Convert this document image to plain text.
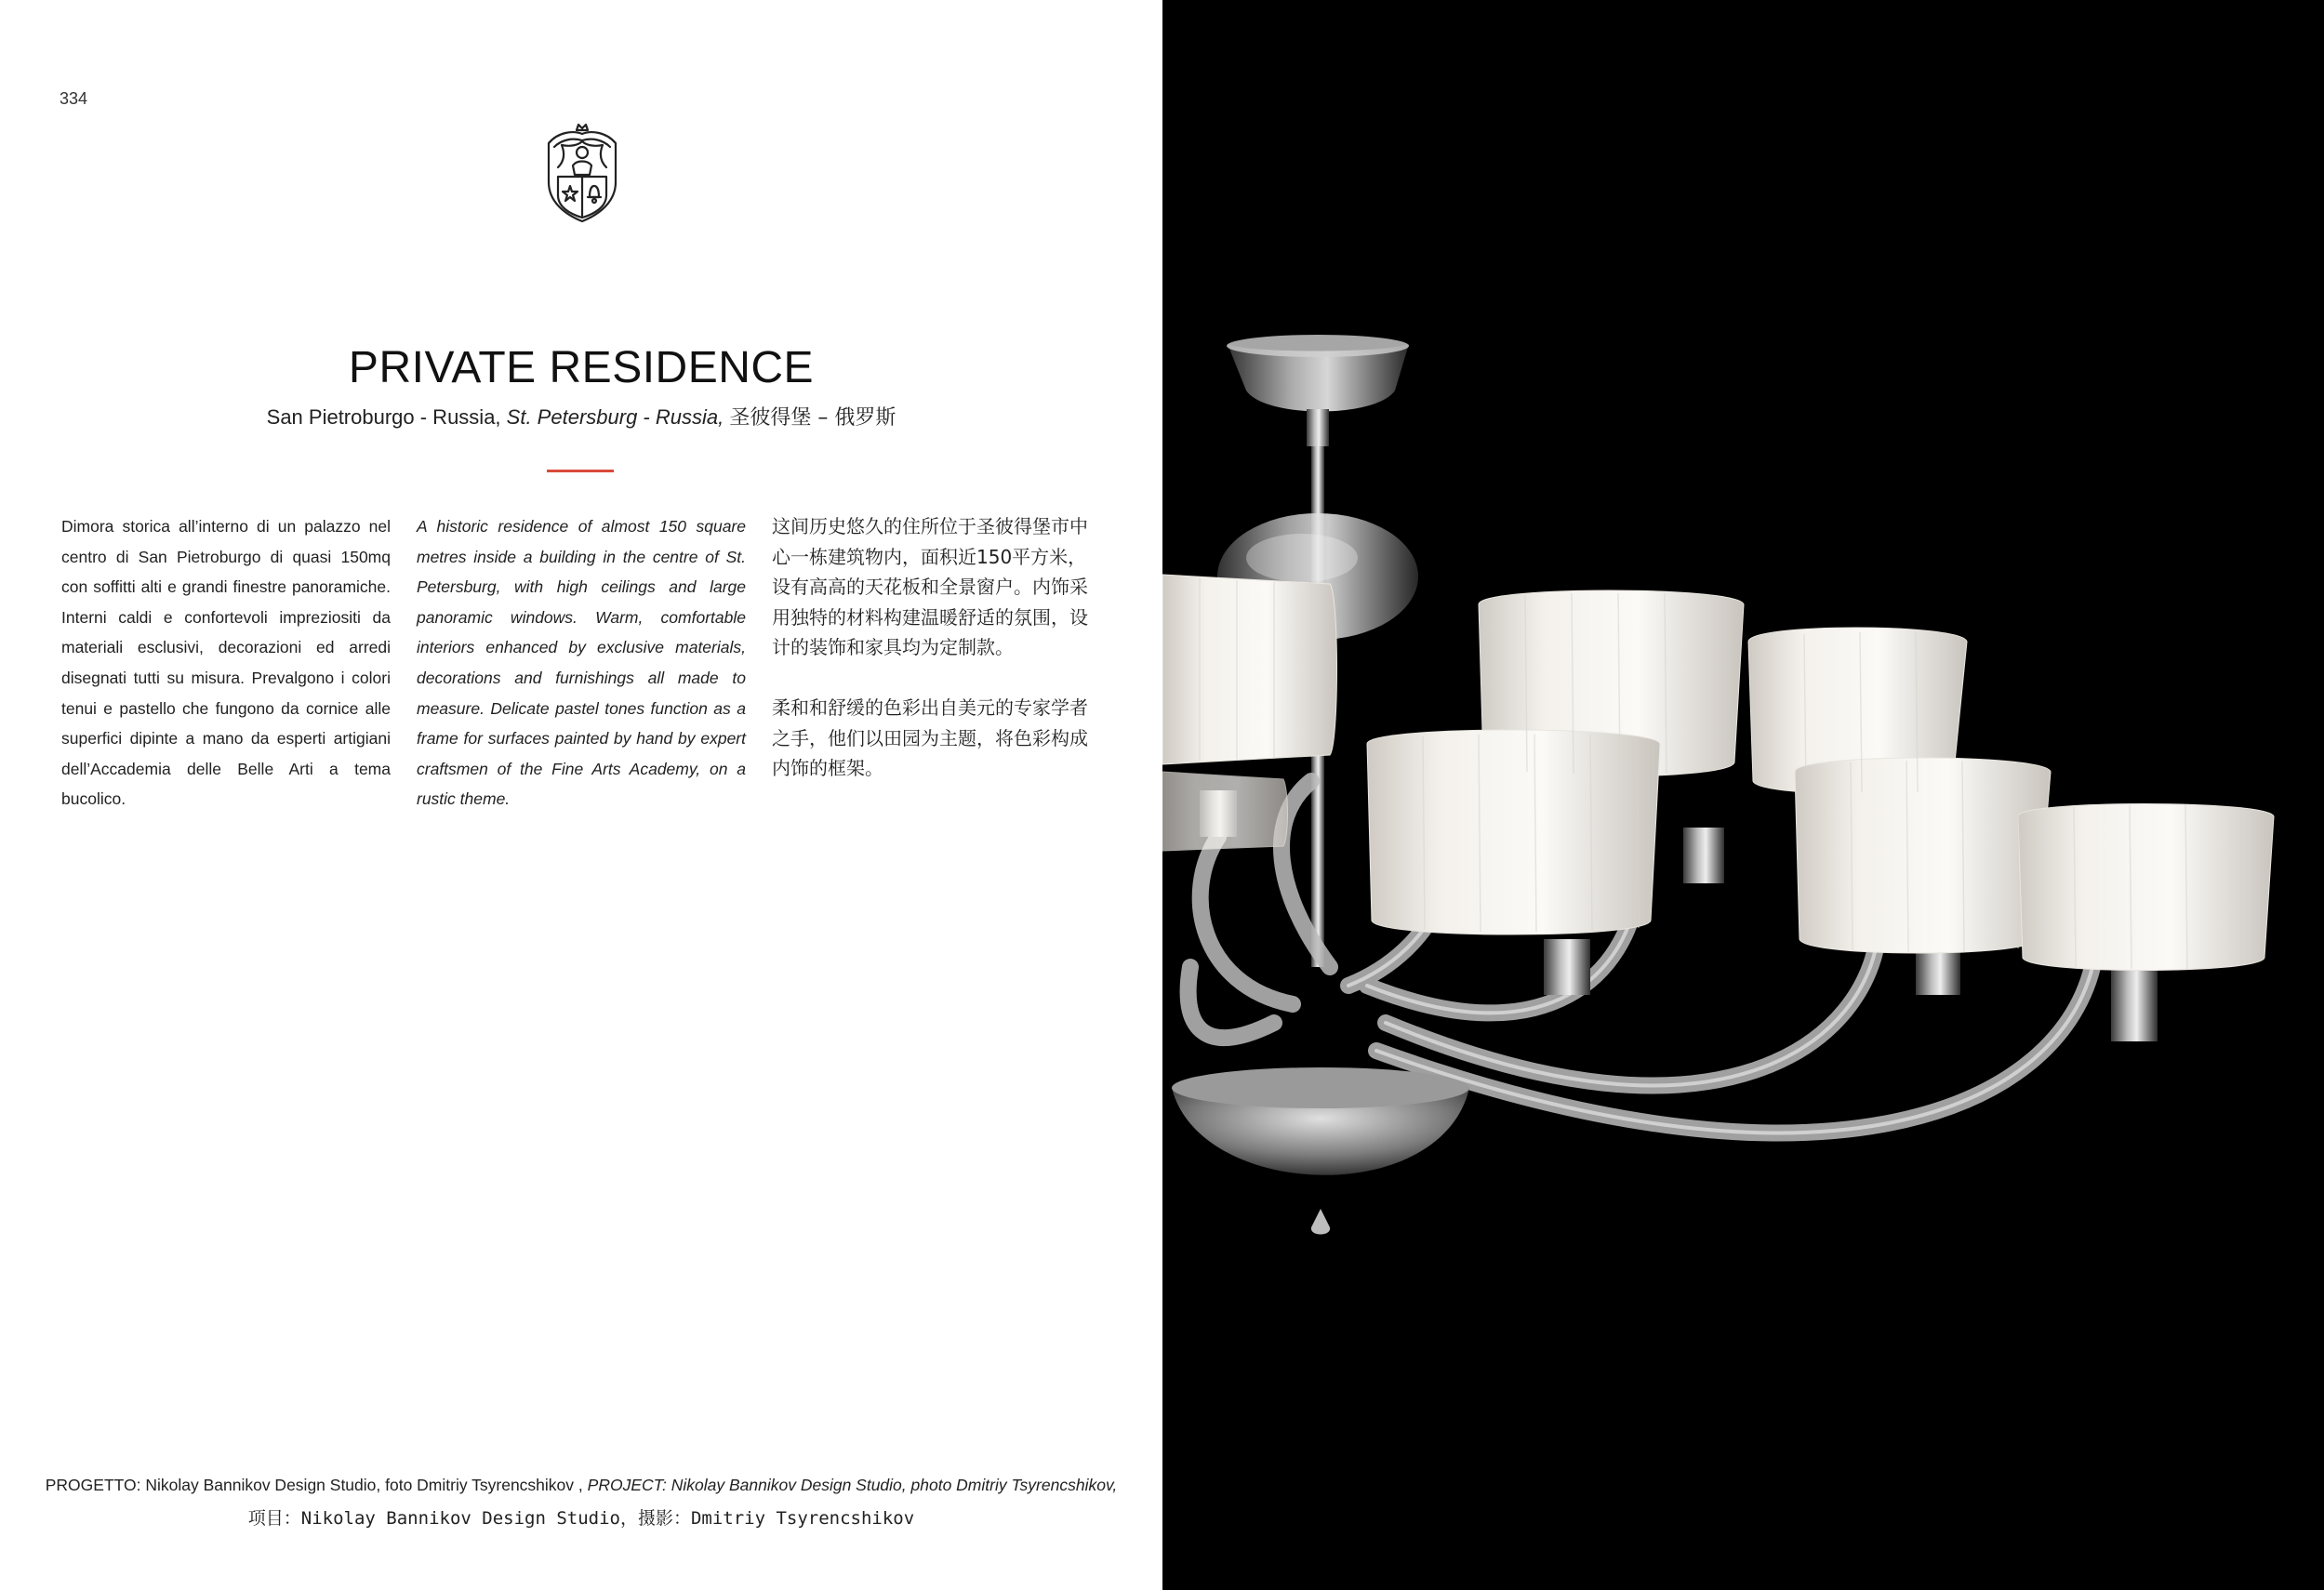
334
PRIVATE RESIDENCE
San Pietroburgo - Russia, St. Petersburg - Russia, 圣彼得堡 – 俄罗斯
Dimora storica all’interno di un palazzo nel centro di San Pietroburgo di quasi 150mq con soffitti alti e grandi finestre panoramiche. Interni caldi e confortevoli impreziositi da materiali esclusivi, decorazioni ed arredi disegnati tutti su misura. Prevalgono i colori tenui e pastello che fungono da cornice alle superfici dipinte a mano da esperti artigiani dell’Accademia delle Belle Arti a tema bucolico.
A historic residence of almost 150 square metres inside a building in the centre of St. Petersburg, with high ceilings and large panoramic windows. Warm, comfortable interiors enhanced by exclusive materials, decorations and furnishings all made to measure. Delicate pastel tones function as a frame for surfaces painted by hand by expert craftsmen of the Fine Arts Academy, on a rustic theme.

这间历史悠久的住所位于圣彼得堡市中心一栋建筑物内，面积近150平方米，设有高高的天花板和全景窗户。内饰采用独特的材料构建温暖舒适的氛围，设计的装饰和家具均为定制款。

柔和和舒缓的色彩出自美元的专家学者之手，他们以田园为主题，将色彩构成内饰的框架。

PROGETTO: Nikolay Bannikov Design Studio, foto Dmitriy Tsyrencshikov , PROJECT: Nikolay Bannikov Design Studio, photo Dmitriy Tsyrencshikov,
项目：Nikolay Bannikov Design Studio，摄影：Dmitriy Tsyrencshikov
